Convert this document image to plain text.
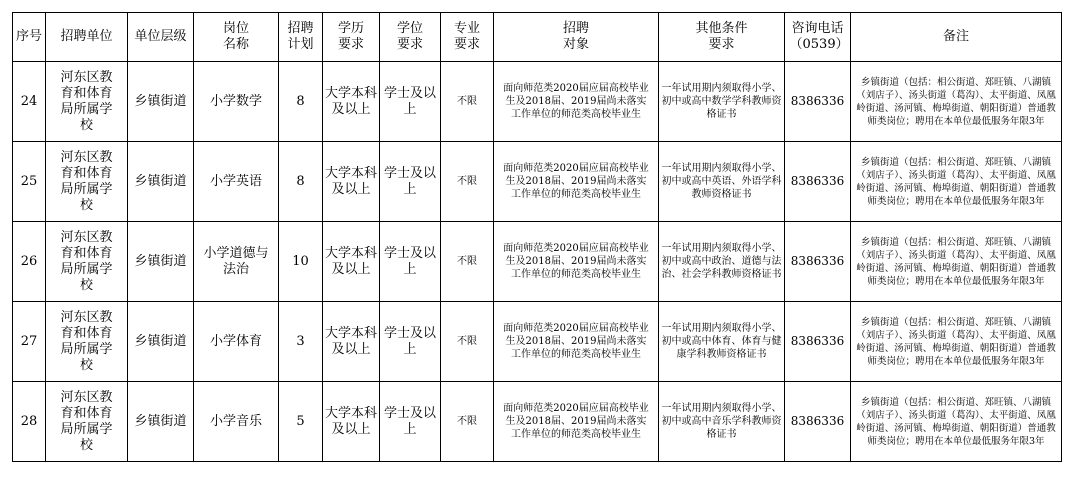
序号	招聘单位	单位层级	岗位名称	招聘计划	学历要求	学位要求	专业要求	招聘对象	其他条件要求	咨询电话（0539）	备注

24	河东区教育和体育局所属学校	乡镇街道	小学数学	8	大学本科及以上	学士及以上	不限	面向师范类2020届应届高校毕业生及2018届、2019届尚未落实工作单位的师范类高校毕业生	一年试用期内须取得小学、初中或高中数学学科教师资格证书	8386336	乡镇街道（包括：相公街道、郑旺镇、八湖镇（刘店子）、汤头街道（葛沟）、太平街道、凤凰岭街道、汤河镇、梅埠街道、朝阳街道）普通教师类岗位；聘用在本单位最低服务年限3年

25	河东区教育和体育局所属学校	乡镇街道	小学英语	8	大学本科及以上	学士及以上	不限	面向师范类2020届应届高校毕业生及2018届、2019届尚未落实工作单位的师范类高校毕业生	一年试用期内须取得小学、初中或高中英语、外语学科教师资格证书	8386336	乡镇街道（包括：相公街道、郑旺镇、八湖镇（刘店子）、汤头街道（葛沟）、太平街道、凤凰岭街道、汤河镇、梅埠街道、朝阳街道）普通教师类岗位；聘用在本单位最低服务年限3年

26	河东区教育和体育局所属学校	乡镇街道	小学道德与法治	10	大学本科及以上	学士及以上	不限	面向师范类2020届应届高校毕业生及2018届、2019届尚未落实工作单位的师范类高校毕业生	一年试用期内须取得小学、初中或高中政治、道德与法治、社会学科教师资格证书	8386336	乡镇街道（包括：相公街道、郑旺镇、八湖镇（刘店子）、汤头街道（葛沟）、太平街道、凤凰岭街道、汤河镇、梅埠街道、朝阳街道）普通教师类岗位；聘用在本单位最低服务年限3年

27	河东区教育和体育局所属学校	乡镇街道	小学体育	3	大学本科及以上	学士及以上	不限	面向师范类2020届应届高校毕业生及2018届、2019届尚未落实工作单位的师范类高校毕业生	一年试用期内须取得小学、初中或高中体育、体育与健康学科教师资格证书	8386336	乡镇街道（包括：相公街道、郑旺镇、八湖镇（刘店子）、汤头街道（葛沟）、太平街道、凤凰岭街道、汤河镇、梅埠街道、朝阳街道）普通教师类岗位；聘用在本单位最低服务年限3年

28	河东区教育和体育局所属学校	乡镇街道	小学音乐	5	大学本科及以上	学士及以上	不限	面向师范类2020届应届高校毕业生及2018届、2019届尚未落实工作单位的师范类高校毕业生	一年试用期内须取得小学、初中或高中音乐学科教师资格证书	8386336	乡镇街道（包括：相公街道、郑旺镇、八湖镇（刘店子）、汤头街道（葛沟）、太平街道、凤凰岭街道、汤河镇、梅埠街道、朝阳街道）普通教师类岗位；聘用在本单位最低服务年限3年
